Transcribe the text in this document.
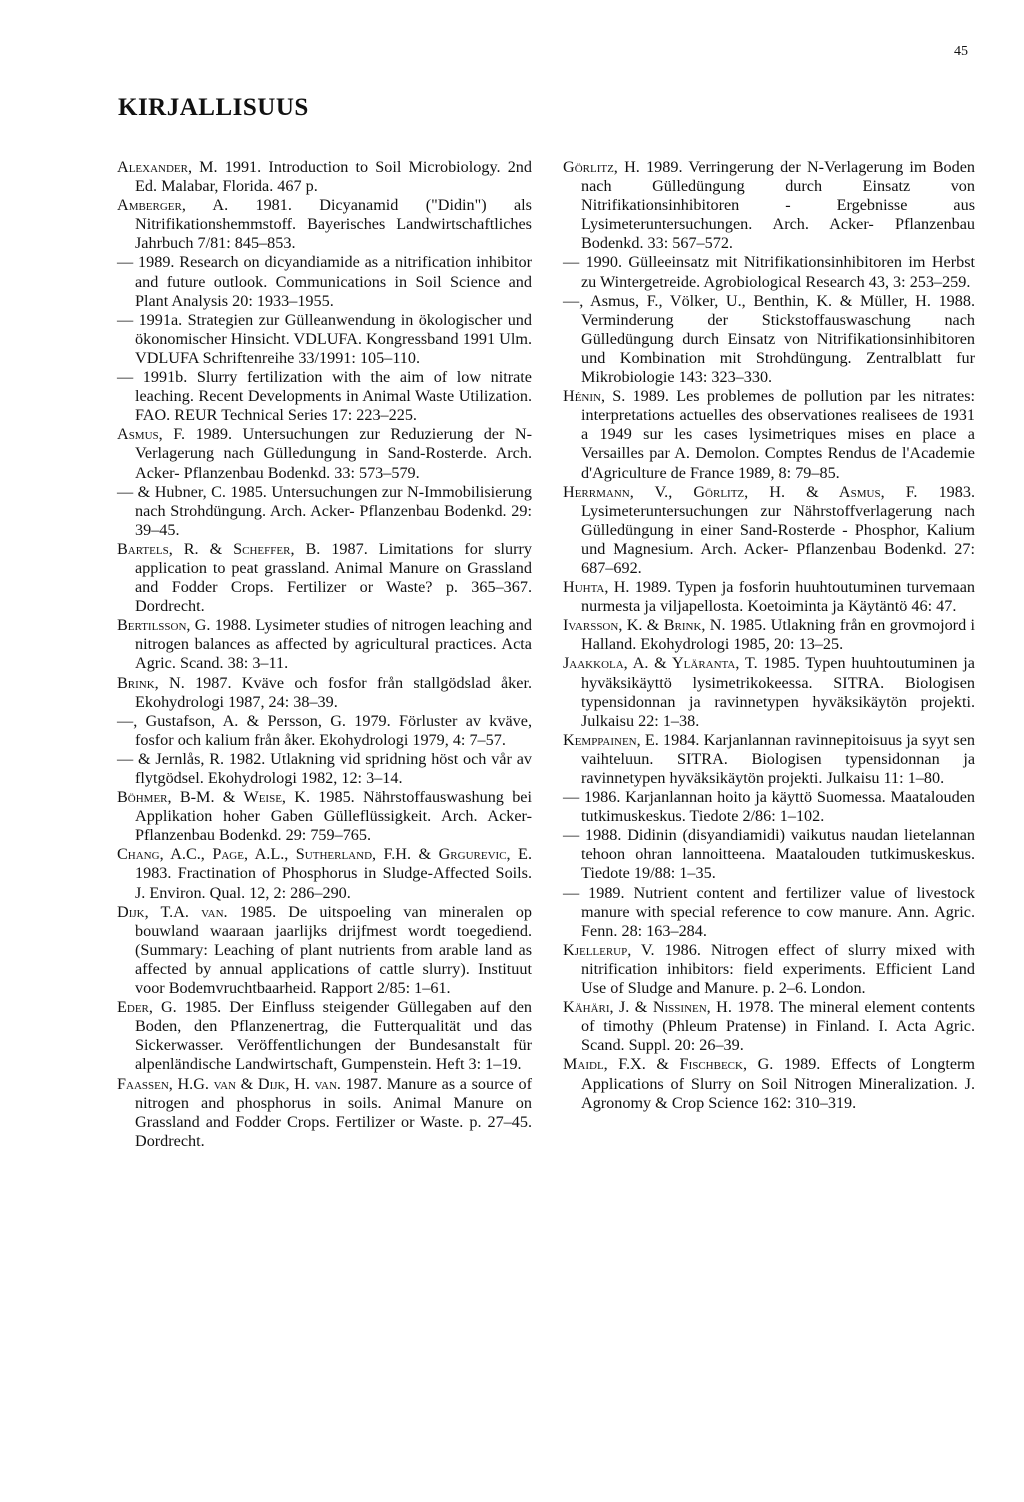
45
KIRJALLISUUS

Alexander, M. 1991. Introduction to Soil Microbiology. 2nd Ed. Malabar, Florida. 467 p.

Amberger, A. 1981. Dicyanamid ("Didin") als Nitrifikationshemmstoff. Bayerisches Landwirtschaftliches Jahrbuch 7/81: 845–853.

— 1989. Research on dicyandiamide as a nitrification inhibitor and future outlook. Communications in Soil Science and Plant Analysis 20: 1933–1955.

— 1991a. Strategien zur Gülleanwendung in ökologischer und ökonomischer Hinsicht. VDLUFA. Kongressband 1991 Ulm. VDLUFA Schriftenreihe 33/1991: 105–110.

— 1991b. Slurry fertilization with the aim of low nitrate leaching. Recent Developments in Animal Waste Utilization. FAO. REUR Technical Series 17: 223–225.

Asmus, F. 1989. Untersuchungen zur Reduzierung der N-Verlagerung nach Gülledungung in Sand-Rosterde. Arch. Acker- Pflanzenbau Bodenkd. 33: 573–579.

— & Hubner, C. 1985. Untersuchungen zur N-Immobilisierung nach Strohdüngung. Arch. Acker- Pflanzenbau Bodenkd. 29: 39–45.

Bartels, R. & Scheffer, B. 1987. Limitations for slurry application to peat grassland. Animal Manure on Grassland and Fodder Crops. Fertilizer or Waste? p. 365–367. Dordrecht.

Bertilsson, G. 1988. Lysimeter studies of nitrogen leaching and nitrogen balances as affected by agricultural practices. Acta Agric. Scand. 38: 3–11.

Brink, N. 1987. Kväve och fosfor från stallgödslad åker. Ekohydrologi 1987, 24: 38–39.

—, Gustafson, A. & Persson, G. 1979. Förluster av kväve, fosfor och kalium från åker. Ekohydrologi 1979, 4: 7–57.

— & Jernlås, R. 1982. Utlakning vid spridning höst och vår av flytgödsel. Ekohydrologi 1982, 12: 3–14.

Böhmer, B-M. & Weise, K. 1985. Nährstoffauswashung bei Applikation hoher Gaben Gülleflüssigkeit. Arch. Acker- Pflanzenbau Bodenkd. 29: 759–765.

Chang, A.C., Page, A.L., Sutherland, F.H. & Grgurevic, E. 1983. Fractination of Phosphorus in Sludge-Affected Soils. J. Environ. Qual. 12, 2: 286–290.

Dijk, T.A. van. 1985. De uitspoeling van mineralen op bouwland waaraan jaarlijks drijfmest wordt toegediend. (Summary: Leaching of plant nutrients from arable land as affected by annual applications of cattle slurry). Instituut voor Bodemvruchtbaarheid. Rapport 2/85: 1–61.

Eder, G. 1985. Der Einfluss steigender Güllegaben auf den Boden, den Pflanzenertrag, die Futterqualität und das Sickerwasser. Veröffentlichungen der Bundesanstalt für alpenländische Landwirtschaft, Gumpenstein. Heft 3: 1–19.

Faassen, H.G. van & Dijk, H. van. 1987. Manure as a source of nitrogen and phosphorus in soils. Animal Manure on Grassland and Fodder Crops. Fertilizer or Waste. p. 27–45. Dordrecht.

Görlitz, H. 1989. Verringerung der N-Verlagerung im Boden nach Gülledüngung durch Einsatz von Nitrifikationsinhibitoren - Ergebnisse aus Lysimeteruntersuchungen. Arch. Acker- Pflanzenbau Bodenkd. 33: 567–572.

— 1990. Gülleeinsatz mit Nitrifikationsinhibitoren im Herbst zu Wintergetreide. Agrobiological Research 43, 3: 253–259.

—, Asmus, F., Völker, U., Benthin, K. & Müller, H. 1988. Verminderung der Stickstoffauswaschung nach Gülledüngung durch Einsatz von Nitrifikationsinhibitoren und Kombination mit Strohdüngung. Zentralblatt fur Mikrobiologie 143: 323–330.

Hénin, S. 1989. Les problemes de pollution par les nitrates: interpretations actuelles des observationes realisees de 1931 a 1949 sur les cases lysimetriques mises en place a Versailles par A. Demolon. Comptes Rendus de l'Academie d'Agriculture de France 1989, 8: 79–85.

Herrmann, V., Görlitz, H. & Asmus, F. 1983. Lysimeteruntersuchungen zur Nährstoffverlagerung nach Gülledüngung in einer Sand-Rosterde - Phosphor, Kalium und Magnesium. Arch. Acker- Pflanzenbau Bodenkd. 27: 687–692.

Huhta, H. 1989. Typen ja fosforin huuhtoutuminen turvemaan nurmesta ja viljapellosta. Koetoiminta ja Käytäntö 46: 47.

Ivarsson, K. & Brink, N. 1985. Utlakning från en grovmojord i Halland. Ekohydrologi 1985, 20: 13–25.

Jaakkola, A. & Yläranta, T. 1985. Typen huuhtoutuminen ja hyväksikäyttö lysimetrikokeessa. SITRA. Biologisen typensidonnan ja ravinnetypen hyväksikäytön projekti. Julkaisu 22: 1–38.

Kemppainen, E. 1984. Karjanlannan ravinnepitoisuus ja syyt sen vaihteluun. SITRA. Biologisen typensidonnan ja ravinnetypen hyväksikäytön projekti. Julkaisu 11: 1–80.

— 1986. Karjanlannan hoito ja käyttö Suomessa. Maatalouden tutkimuskeskus. Tiedote 2/86: 1–102.

— 1988. Didinin (disyandiamidi) vaikutus naudan lietelannan tehoon ohran lannoitteena. Maatalouden tutkimuskeskus. Tiedote 19/88: 1–35.

— 1989. Nutrient content and fertilizer value of livestock manure with special reference to cow manure. Ann. Agric. Fenn. 28: 163–284.

Kjellerup, V. 1986. Nitrogen effect of slurry mixed with nitrification inhibitors: field experiments. Efficient Land Use of Sludge and Manure. p. 2–6. London.

Kähäri, J. & Nissinen, H. 1978. The mineral element contents of timothy (Phleum Pratense) in Finland. I. Acta Agric. Scand. Suppl. 20: 26–39.

Maidl, F.X. & Fischbeck, G. 1989. Effects of Longterm Applications of Slurry on Soil Nitrogen Mineralization. J. Agronomy & Crop Science 162: 310–319.
